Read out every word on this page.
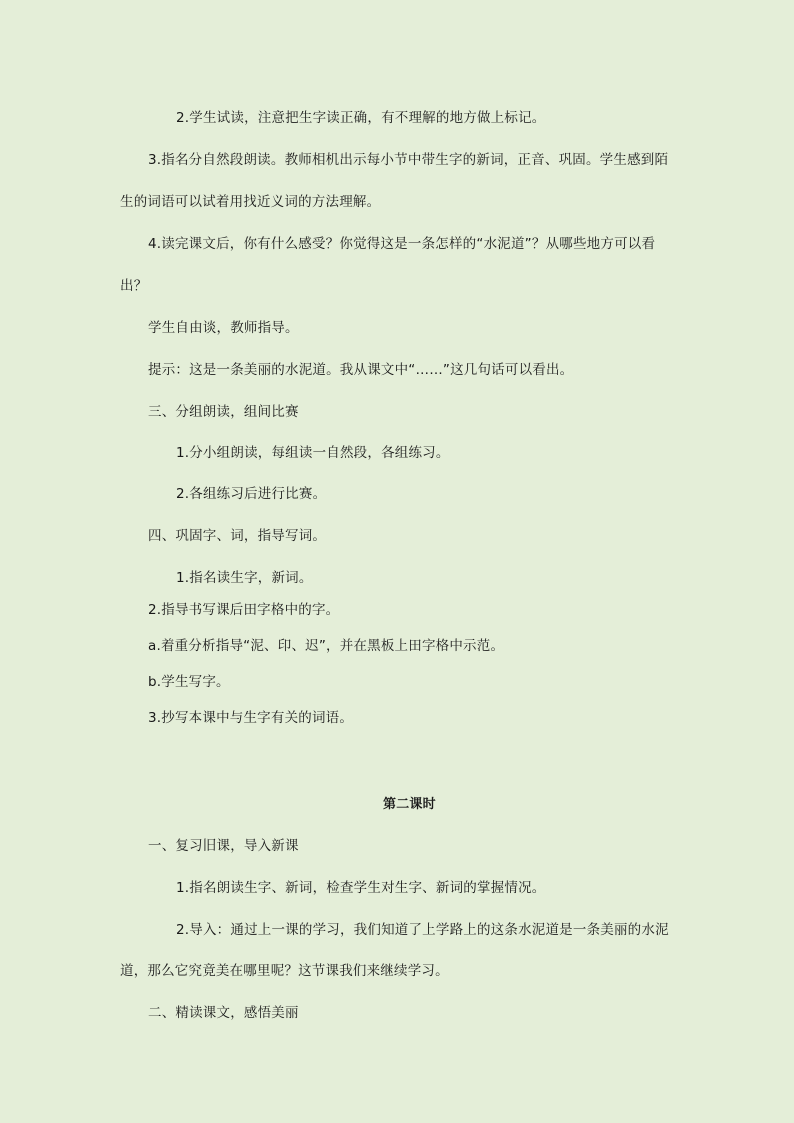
2.学生试读，注意把生字读正确，有不理解的地方做上标记。
3.指名分自然段朗读。教师相机出示每小节中带生字的新词，正音、巩固。学生感到陌
生的词语可以试着用找近义词的方法理解。
4.读完课文后，你有什么感受？你觉得这是一条怎样的“水泥道”？从哪些地方可以看
出？
学生自由谈，教师指导。
提示：这是一条美丽的水泥道。我从课文中“……”这几句话可以看出。
三、分组朗读，组间比赛
1.分小组朗读，每组读一自然段，各组练习。
2.各组练习后进行比赛。
四、巩固字、词，指导写词。
1.指名读生字，新词。
2.指导书写课后田字格中的字。
a.着重分析指导“泥、印、迟”，并在黑板上田字格中示范。
b.学生写字。
3.抄写本课中与生字有关的词语。
第二课时
一、复习旧课，导入新课
1.指名朗读生字、新词，检查学生对生字、新词的掌握情况。
2.导入：通过上一课的学习，我们知道了上学路上的这条水泥道是一条美丽的水泥
道，那么它究竟美在哪里呢？这节课我们来继续学习。
二、精读课文，感悟美丽
